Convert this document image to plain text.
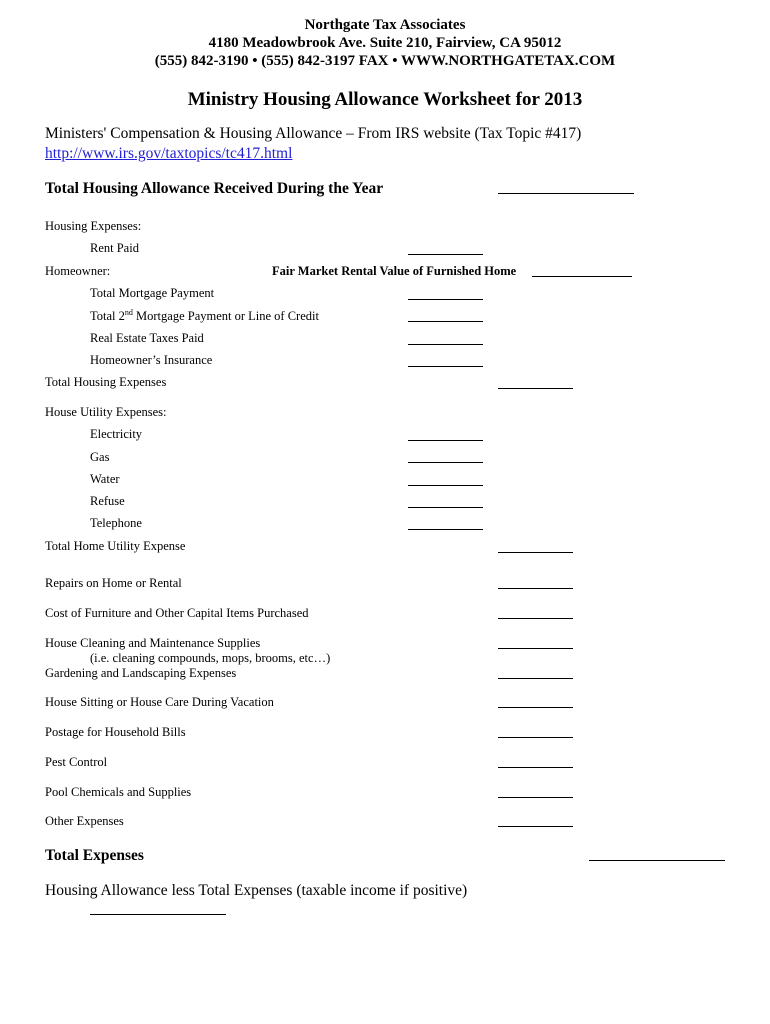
Northgate Tax Associates
4180 Meadowbrook Ave. Suite 210, Fairview, CA 95012
(555) 842-3190 • (555) 842-3197 FAX • WWW.NORTHGATETAX.COM
Ministry Housing Allowance Worksheet for 2013
Ministers' Compensation & Housing Allowance – From IRS website (Tax Topic #417)
http://www.irs.gov/taxtopics/tc417.html
Total Housing Allowance Received During the Year
Housing Expenses:
Rent Paid
Homeowner:	Fair Market Rental Value of Furnished Home
Total Mortgage Payment
Total 2nd Mortgage Payment or Line of Credit
Real Estate Taxes Paid
Homeowner’s Insurance
Total Housing Expenses
House Utility Expenses:
Electricity
Gas
Water
Refuse
Telephone
Total Home Utility Expense
Repairs on Home or Rental
Cost of Furniture and Other Capital Items Purchased
House Cleaning and Maintenance Supplies
(i.e. cleaning compounds, mops, brooms, etc…)
Gardening and Landscaping Expenses
House Sitting or House Care During Vacation
Postage for Household Bills
Pest Control
Pool Chemicals and Supplies
Other Expenses
Total Expenses
Housing Allowance less Total Expenses (taxable income if positive)
